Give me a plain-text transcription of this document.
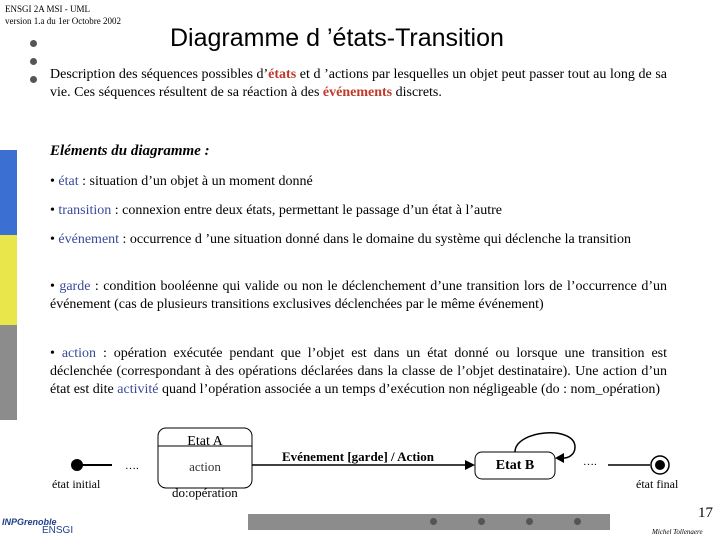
ENSGI 2A MSI - UML
version 1.a du 1er Octobre 2002
Diagramme d ’états-Transition
Description des séquences possibles d’états et d ’actions par lesquelles un objet peut passer tout au long de sa vie. Ces séquences résultent de sa réaction à des événements discrets.
Eléments du diagramme :
• état : situation d’un objet à un moment donné
• transition : connexion entre deux états, permettant le passage d’un état à l’autre
• événement : occurrence d ’une situation donné dans le domaine du système qui déclenche la transition
• garde : condition booléenne qui valide ou non le déclenchement d’une transition lors de l’occurrence d’un événement (cas de plusieurs transitions exclusives déclenchées par le même événement)
• action : opération exécutée pendant que l’objet est dans un état donné ou lorsque une transition est déclenchée (correspondant à des opérations déclarées dans la classe de l’objet destinataire). Une action d’un état est dite activité quand l’opération associée a un temps d’exécution non négligeable (do : nom_opération)
….
Etat A
action
do:opération
Evénement [garde] / Action
Etat B	….
état initial	état final
INPGrenoble
ENSGI
17
Michel Tollenaere
